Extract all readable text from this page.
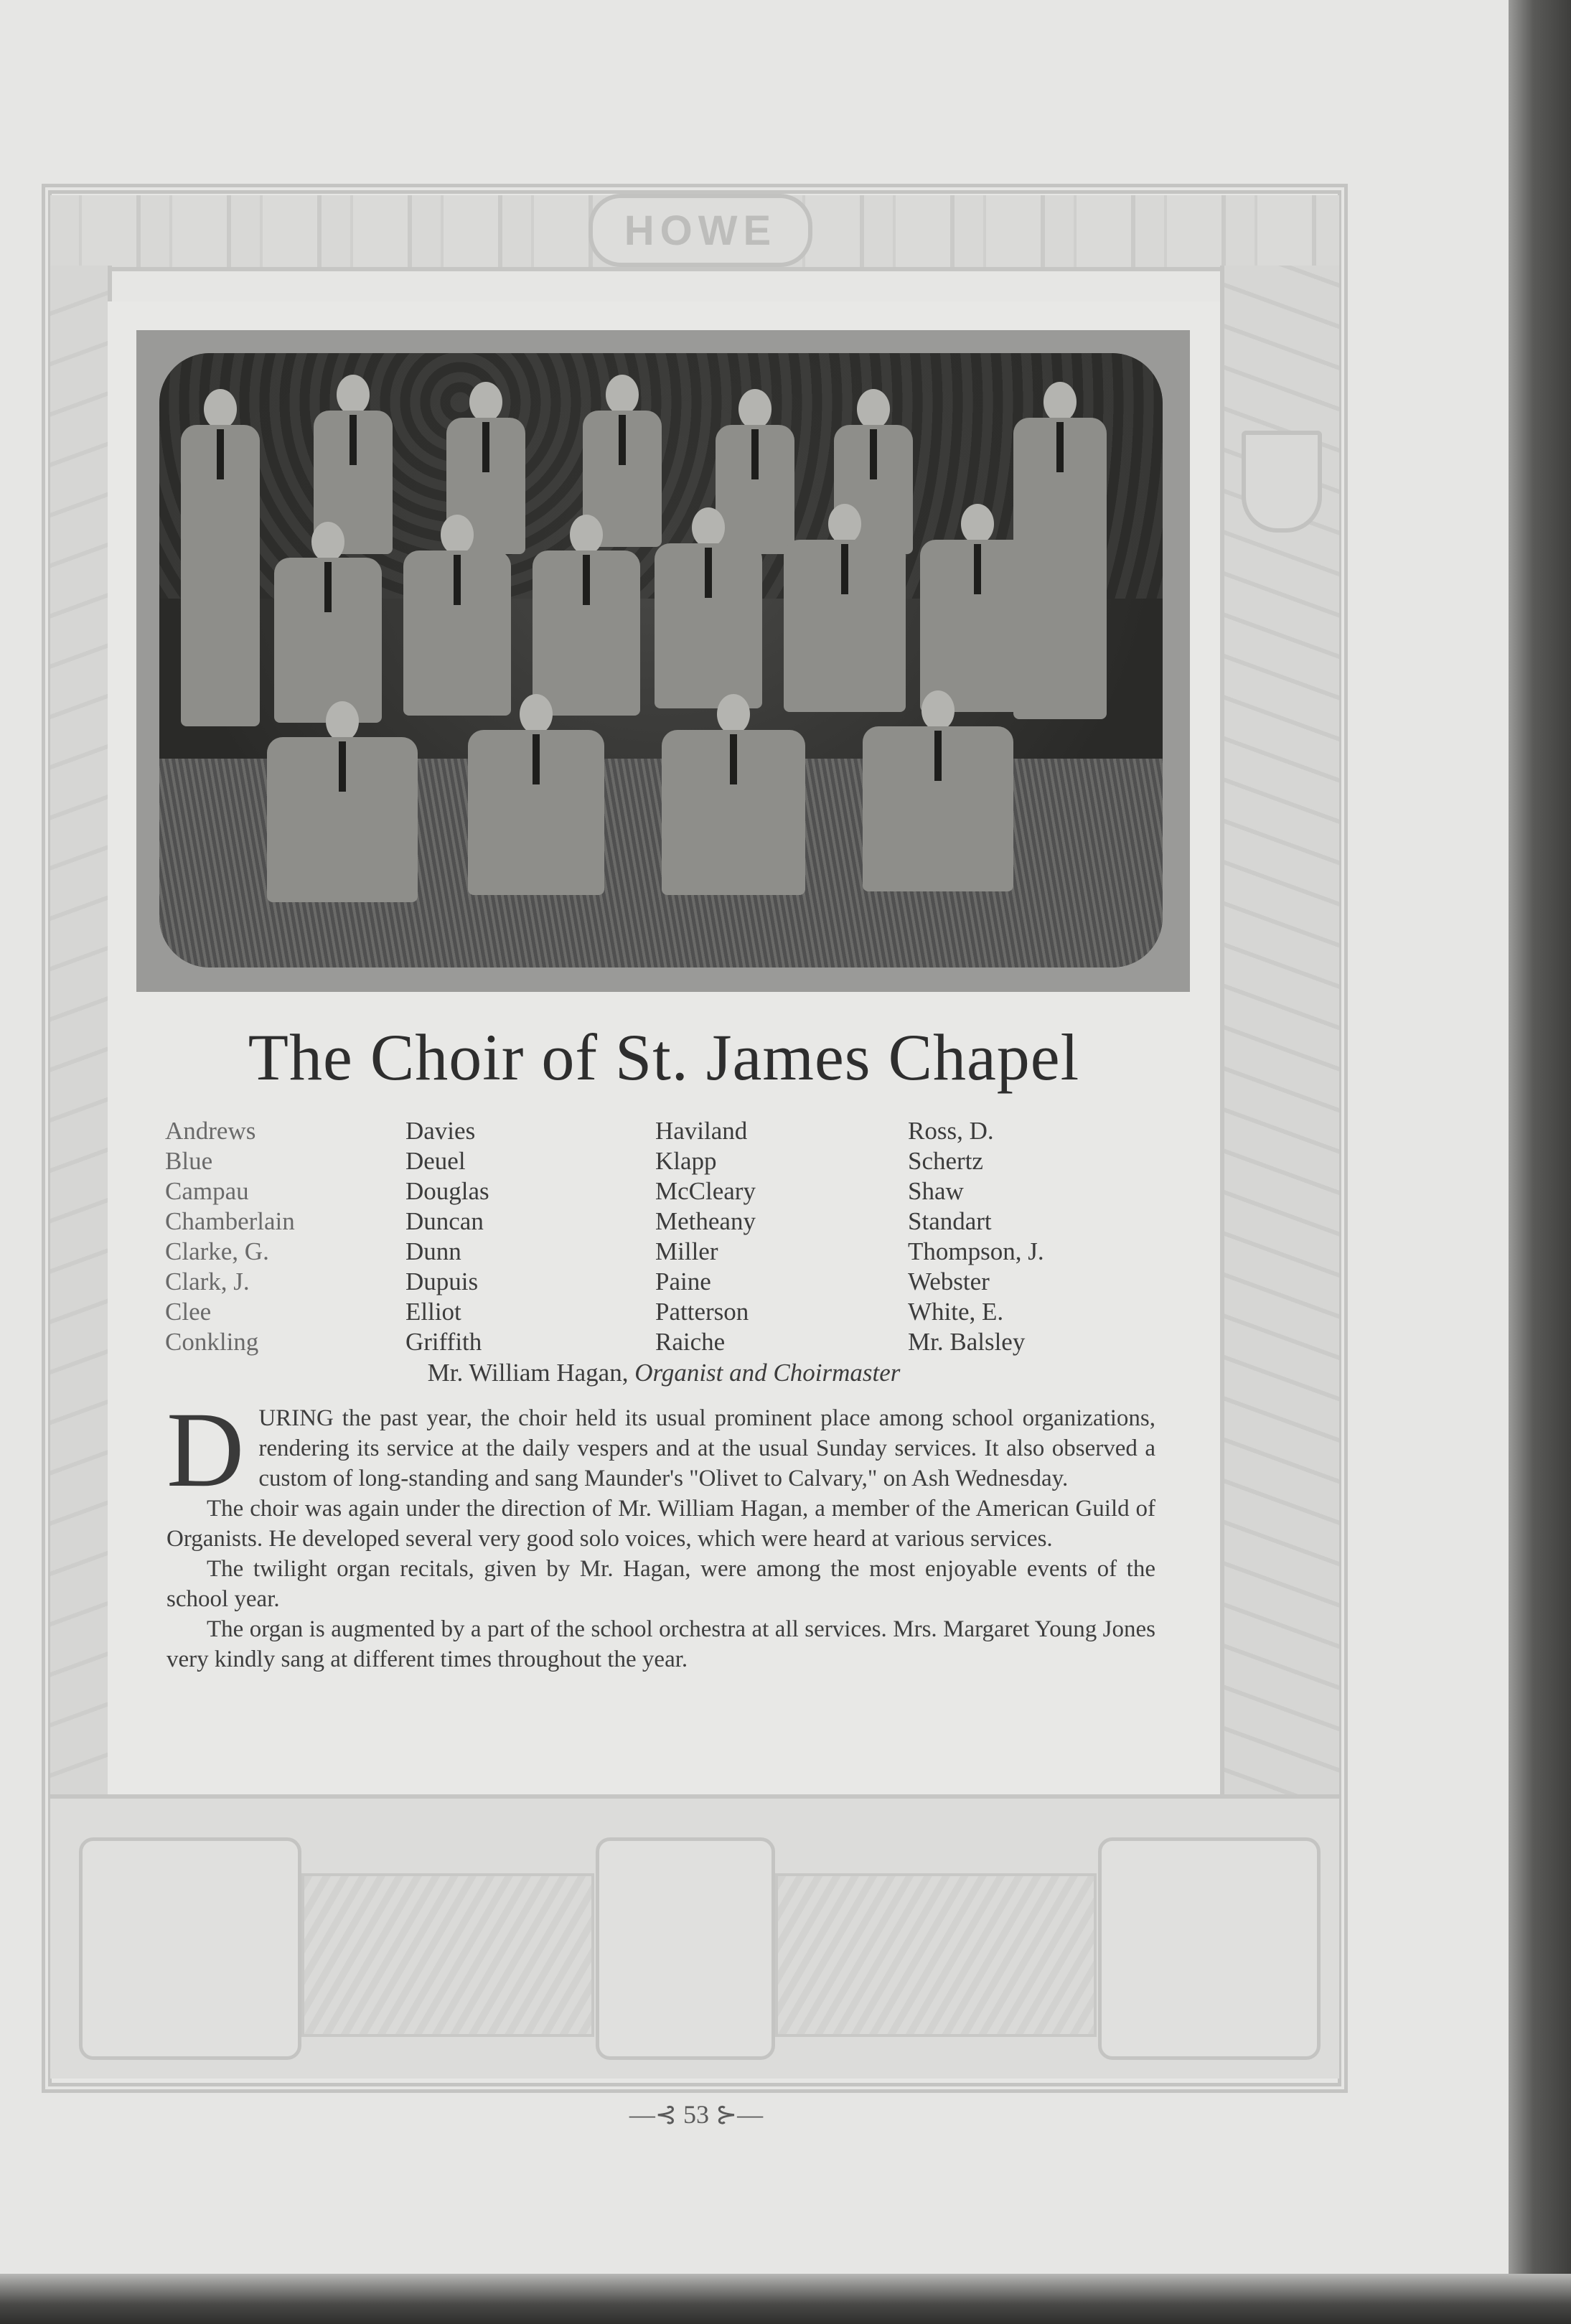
HOWE
The Choir of St. James Chapel
Andrews
Blue
Campau
Chamberlain
Clarke, G.
Clark, J.
Clee
Conkling
Davies
Deuel
Douglas
Duncan
Dunn
Dupuis
Elliot
Griffith
Haviland
Klapp
McCleary
Metheany
Miller
Paine
Patterson
Raiche
Ross, D.
Schertz
Shaw
Standart
Thompson, J.
Webster
White, E.
Mr. Balsley
Mr. William Hagan, Organist and Choirmaster

DURING the past year, the choir held its usual prominent place among school organizations, rendering its service at the daily vespers and at the usual Sunday services. It also observed a custom of long-standing and sang Maunder's "Olivet to Calvary," on Ash Wednesday.

The choir was again under the direction of Mr. William Hagan, a member of the American Guild of Organists. He developed several very good solo voices, which were heard at various services.

The twilight organ recitals, given by Mr. Hagan, were among the most enjoyable events of the school year.

The organ is augmented by a part of the school orchestra at all services. Mrs. Margaret Young Jones very kindly sang at different times throughout the year.

—⊰ 53 ⊱—
